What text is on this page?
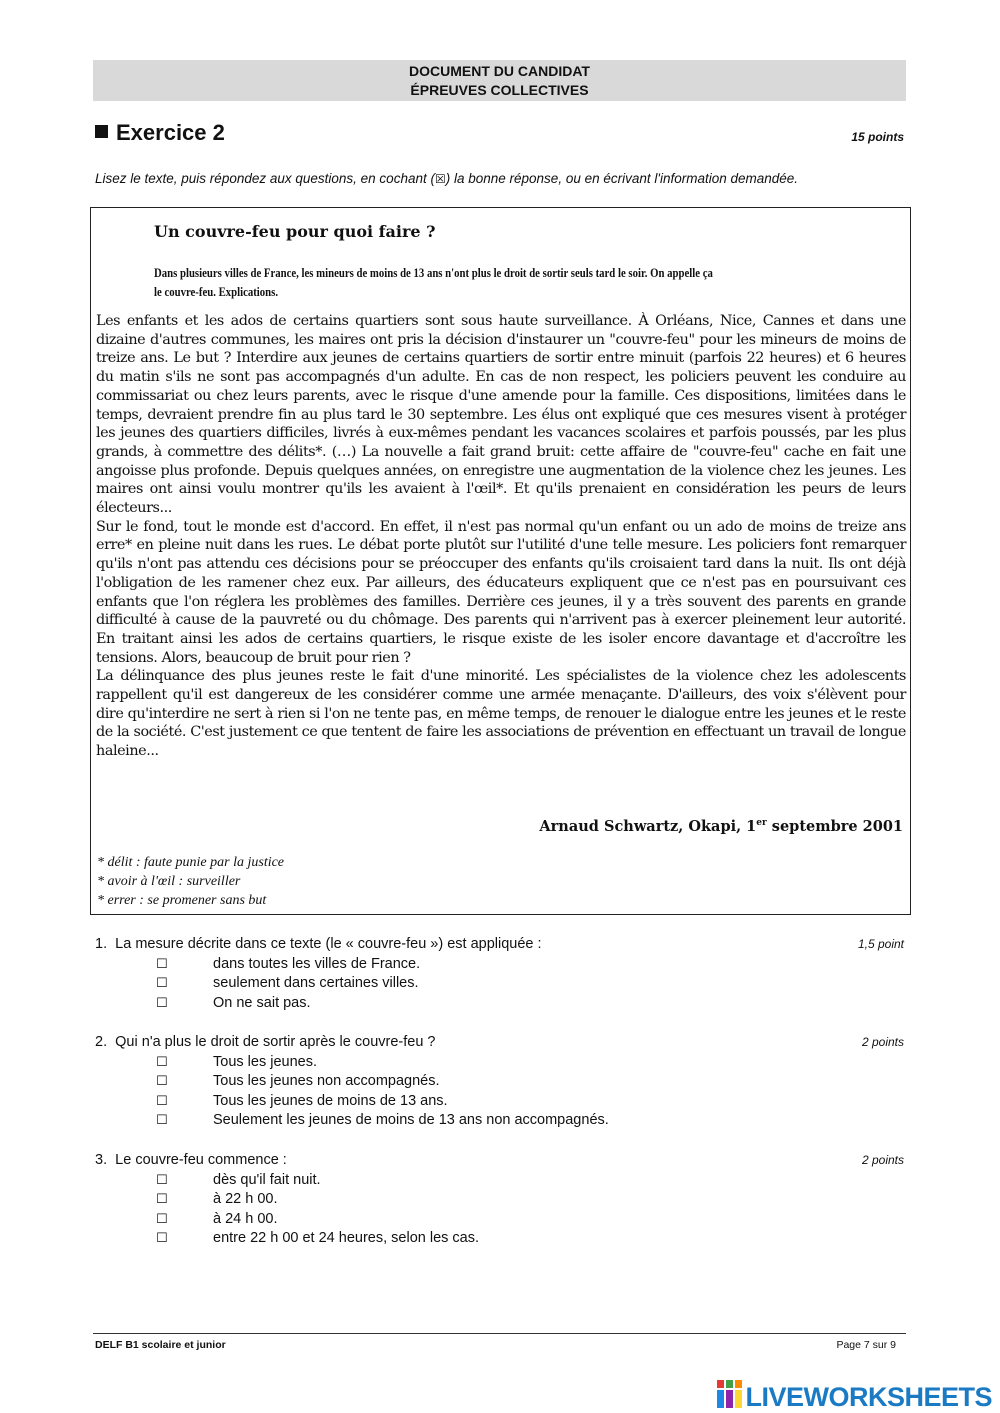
DOCUMENT DU CANDIDAT
ÉPREUVES COLLECTIVES
Exercice 2	15 points
Lisez le texte, puis répondez aux questions, en cochant (☒) la bonne réponse, ou en écrivant l'information demandée.
Un couvre-feu pour quoi faire ?
Dans plusieurs villes de France, les mineurs de moins de 13 ans n'ont plus le droit de sortir seuls tard le soir. On appelle ça
le couvre-feu. Explications.

Les enfants et les ados de certains quartiers sont sous haute surveillance. À Orléans, Nice, Cannes et dans une dizaine d'autres communes, les maires ont pris la décision d'instaurer un "couvre-feu" pour les mineurs de moins de treize ans. Le but ? Interdire aux jeunes de certains quartiers de sortir entre minuit (parfois 22 heures) et 6 heures du matin s'ils ne sont pas accompagnés d'un adulte. En cas de non respect, les policiers peuvent les conduire au commissariat ou chez leurs parents, avec le risque d'une amende pour la famille. Ces dispositions, limitées dans le temps, devraient prendre fin au plus tard le 30 septembre. Les élus ont expliqué que ces mesures visent à protéger les jeunes des quartiers difficiles, livrés à eux-mêmes pendant les vacances scolaires et parfois poussés, par les plus grands, à commettre des délits*. (…) La nouvelle a fait grand bruit: cette affaire de "couvre-feu" cache en fait une angoisse plus profonde. Depuis quelques années, on enregistre une augmentation de la violence chez les jeunes. Les maires ont ainsi voulu montrer qu'ils les avaient à l'œil*. Et qu'ils prenaient en considération les peurs de leurs électeurs...

Sur le fond, tout le monde est d'accord. En effet, il n'est pas normal qu'un enfant ou un ado de moins de treize ans erre* en pleine nuit dans les rues. Le débat porte plutôt sur l'utilité d'une telle mesure. Les policiers font remarquer qu'ils n'ont pas attendu ces décisions pour se préoccuper des enfants qu'ils croisaient tard dans la nuit. Ils ont déjà l'obligation de les ramener chez eux. Par ailleurs, des éducateurs expliquent que ce n'est pas en poursuivant ces enfants que l'on réglera les problèmes des familles. Derrière ces jeunes, il y a très souvent des parents en grande difficulté à cause de la pauvreté ou du chômage. Des parents qui n'arrivent pas à exercer pleinement leur autorité. En traitant ainsi les ados de certains quartiers, le risque existe de les isoler encore davantage et d'accroître les tensions. Alors, beaucoup de bruit pour rien ?

La délinquance des plus jeunes reste le fait d'une minorité. Les spécialistes de la violence chez les adolescents rappellent qu'il est dangereux de les considérer comme une armée menaçante. D'ailleurs, des voix s'élèvent pour dire qu'interdire ne sert à rien si l'on ne tente pas, en même temps, de renouer le dialogue entre les jeunes et le reste de la société. C'est justement ce que tentent de faire les associations de prévention en effectuant un travail de longue haleine...

Arnaud Schwartz, Okapi, 1er septembre 2001
* délit : faute punie par la justice
* avoir à l'œil : surveiller
* errer : se promener sans but
1. La mesure décrite dans ce texte (le « couvre-feu ») est appliquée :	1,5 point
☐	dans toutes les villes de France.
☐	seulement dans certaines villes.
☐	On ne sait pas.
2. Qui n'a plus le droit de sortir après le couvre-feu ?	2 points
☐	Tous les jeunes.
☐	Tous les jeunes non accompagnés.
☐	Tous les jeunes de moins de 13 ans.
☐	Seulement les jeunes de moins de 13 ans non accompagnés.
3. Le couvre-feu commence :	2 points
☐	dès qu'il fait nuit.
☐	à 22 h 00.
☐	à 24 h 00.
☐	entre 22 h 00 et 24 heures, selon les cas.
DELF B1 scolaire et junior	Page 7 sur 9
LIVEWORKSHEETS
